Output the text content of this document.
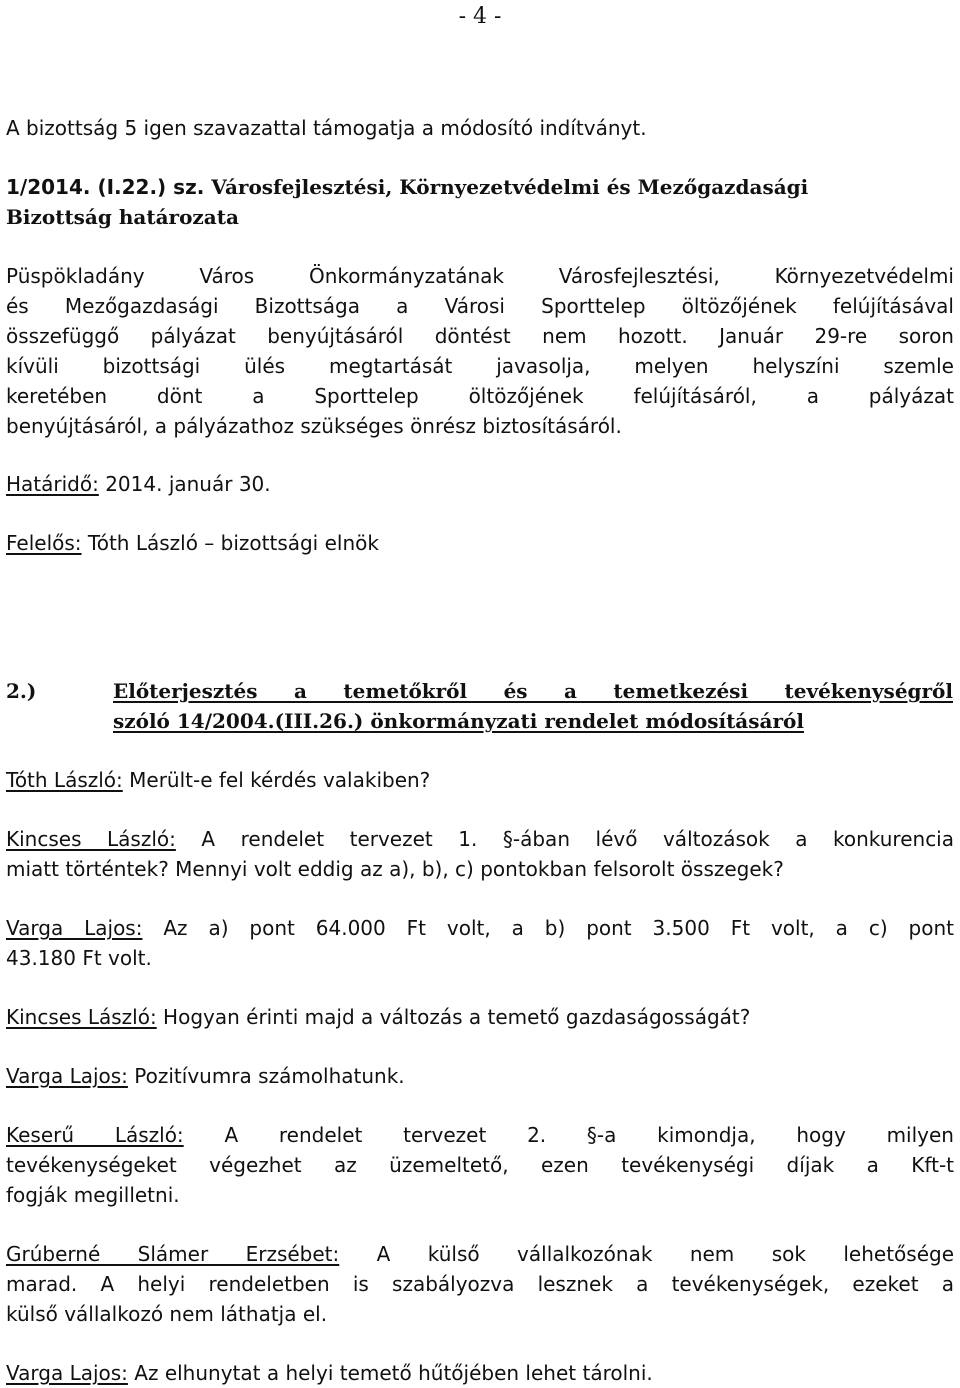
- 4 -
A bizottság 5 igen szavazattal támogatja a módosító indítványt.
1/2014. (I.22.) sz. Városfejlesztési, Környezetvédelmi és Mezőgazdasági
Bizottság határozata
Püspökladány Város Önkormányzatának Városfejlesztési, Környezetvédelmi
és Mezőgazdasági Bizottsága a Városi Sporttelep öltözőjének felújításával
összefüggő pályázat benyújtásáról döntést nem hozott. Január 29-re soron
kívüli bizottsági ülés megtartását javasolja, melyen helyszíni szemle
keretében dönt a Sporttelep öltözőjének felújításáról, a pályázat
benyújtásáról, a pályázathoz szükséges önrész biztosításáról.
Határidő: 2014. január 30.
Felelős: Tóth László – bizottsági elnök
2.)	Előterjesztés a temetőkről és a temetkezési tevékenységről
szóló 14/2004.(III.26.) önkormányzati rendelet módosításáról
Tóth László: Merült-e fel kérdés valakiben?
Kincses László: A rendelet tervezet 1. §-ában lévő változások a konkurencia
miatt történtek? Mennyi volt eddig az a), b), c) pontokban felsorolt összegek?
Varga Lajos: Az a) pont 64.000 Ft volt, a b) pont 3.500 Ft volt, a c) pont
43.180 Ft volt.
Kincses László: Hogyan érinti majd a változás a temető gazdaságosságát?
Varga Lajos: Pozitívumra számolhatunk.
Keserű László: A rendelet tervezet 2. §-a kimondja, hogy milyen
tevékenységeket végezhet az üzemeltető, ezen tevékenységi díjak a Kft-t
fogják megilletni.
Grúberné Slámer Erzsébet: A külső vállalkozónak nem sok lehetősége
marad. A helyi rendeletben is szabályozva lesznek a tevékenységek, ezeket a
külső vállalkozó nem láthatja el.
Varga Lajos: Az elhunytat a helyi temető hűtőjében lehet tárolni.
